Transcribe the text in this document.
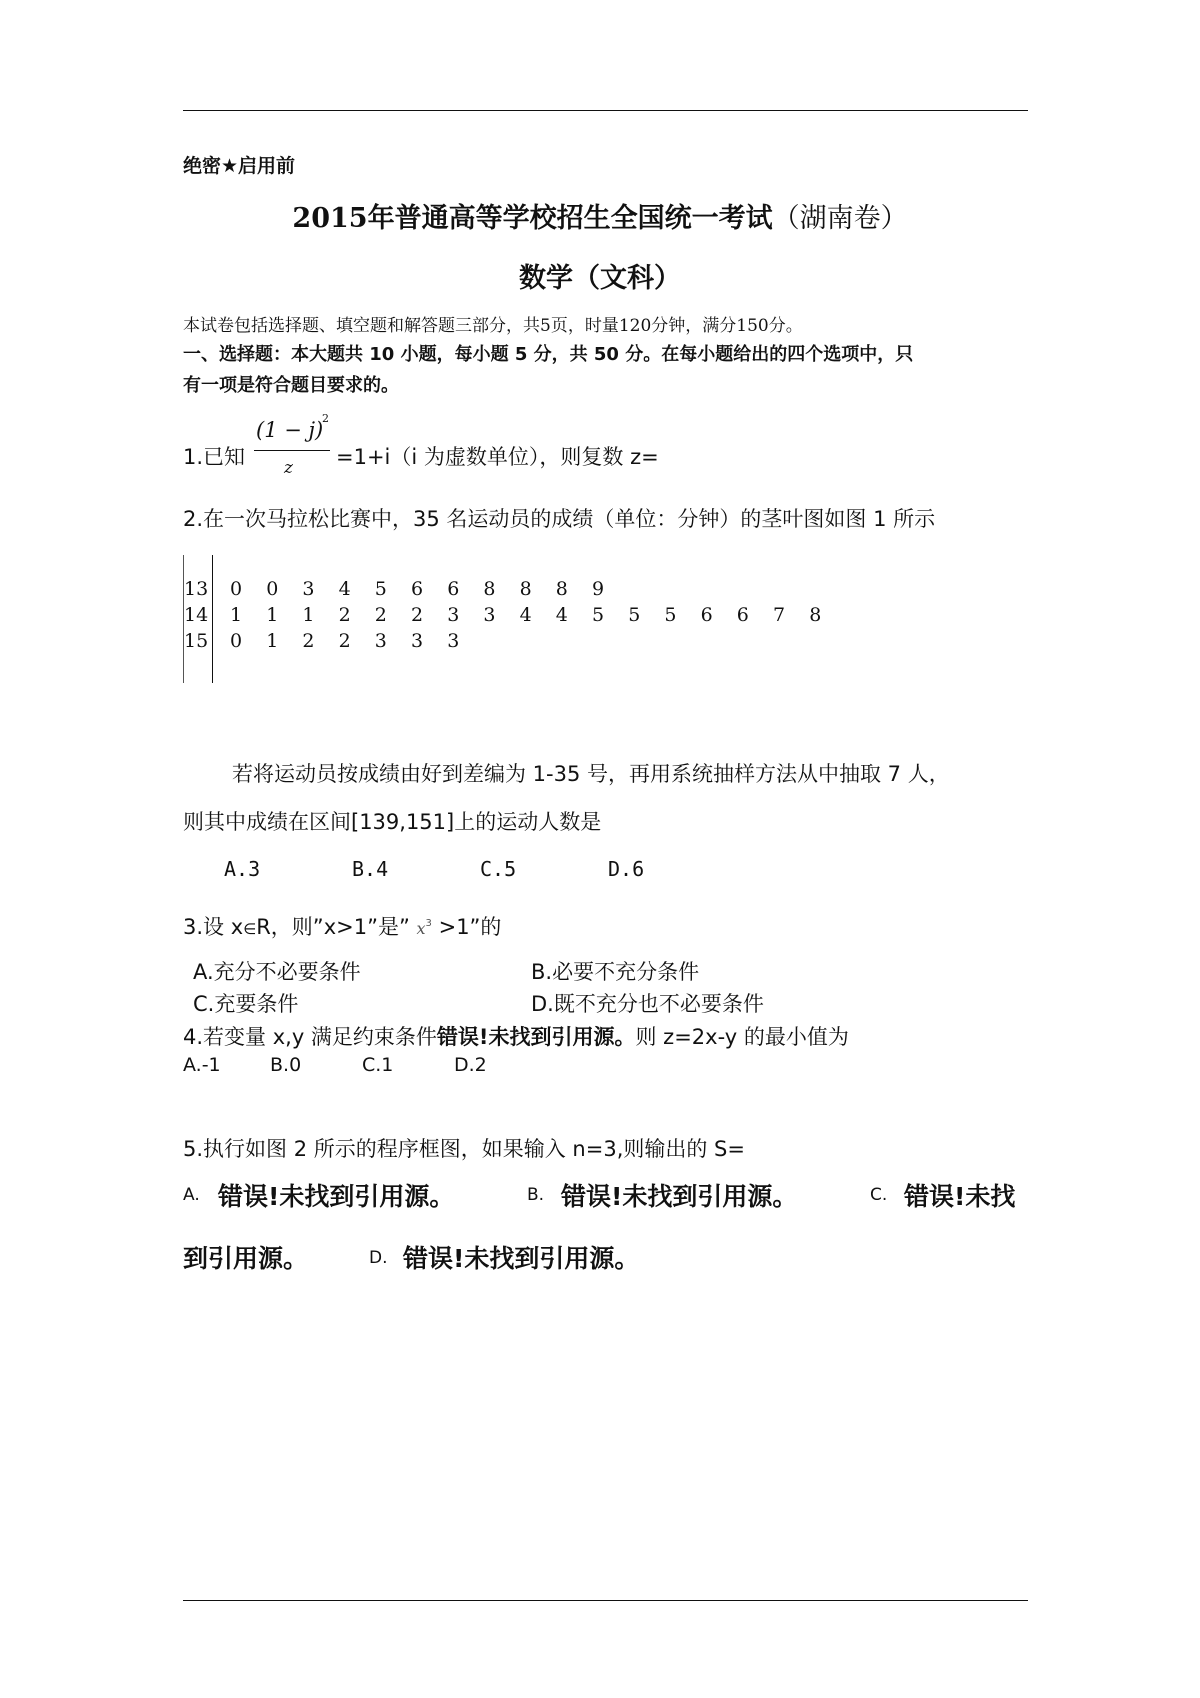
绝密★启用前
2015年普通高等学校招生全国统一考试（湖南卷）
数学（文科）
本试卷包括选择题、填空题和解答题三部分，共5页，时量120分钟，满分150分。
一、选择题：本大题共 10 小题，每小题 5 分，共 50 分。在每小题给出的四个选项中，只
有一项是符合题目要求的。
1.已知
(1 − j)
2
z =1+i（i 为虚数单位），则复数 z=
2.在一次马拉松比赛中，35 名运动员的成绩（单位：分钟）的茎叶图如图 1 所示
13 0 0 3 4 5 6 6 8 8 8 9
14 1 1 1 2 2 2 3 3 4 4 5 5 5 6 6 7 8
15 0 1 2 2 3 3 3
若将运动员按成绩由好到差编为 1-35 号，再用系统抽样方法从中抽取 7 人，
则其中成绩在区间[139,151]上的运动人数是
A.3	B.4	C.5	D.6
3.设 x∈R，则”x>1”是” $x^3 >1$”的
A.充分不必要条件	B.必要不充分条件
C.充要条件	D.既不充分也不必要条件
4.若变量 x,y 满足约束条件错误!未找到引用源。则 z=2x-y 的最小值为
A.-1	B.0	C.1	D.2
5.执行如图 2 所示的程序框图，如果输入 n=3,则输出的 S=
A. 错误!未找到引用源。	B. 错误!未找到引用源。	C. 错误!未找
到引用源。	D. 错误!未找到引用源。
